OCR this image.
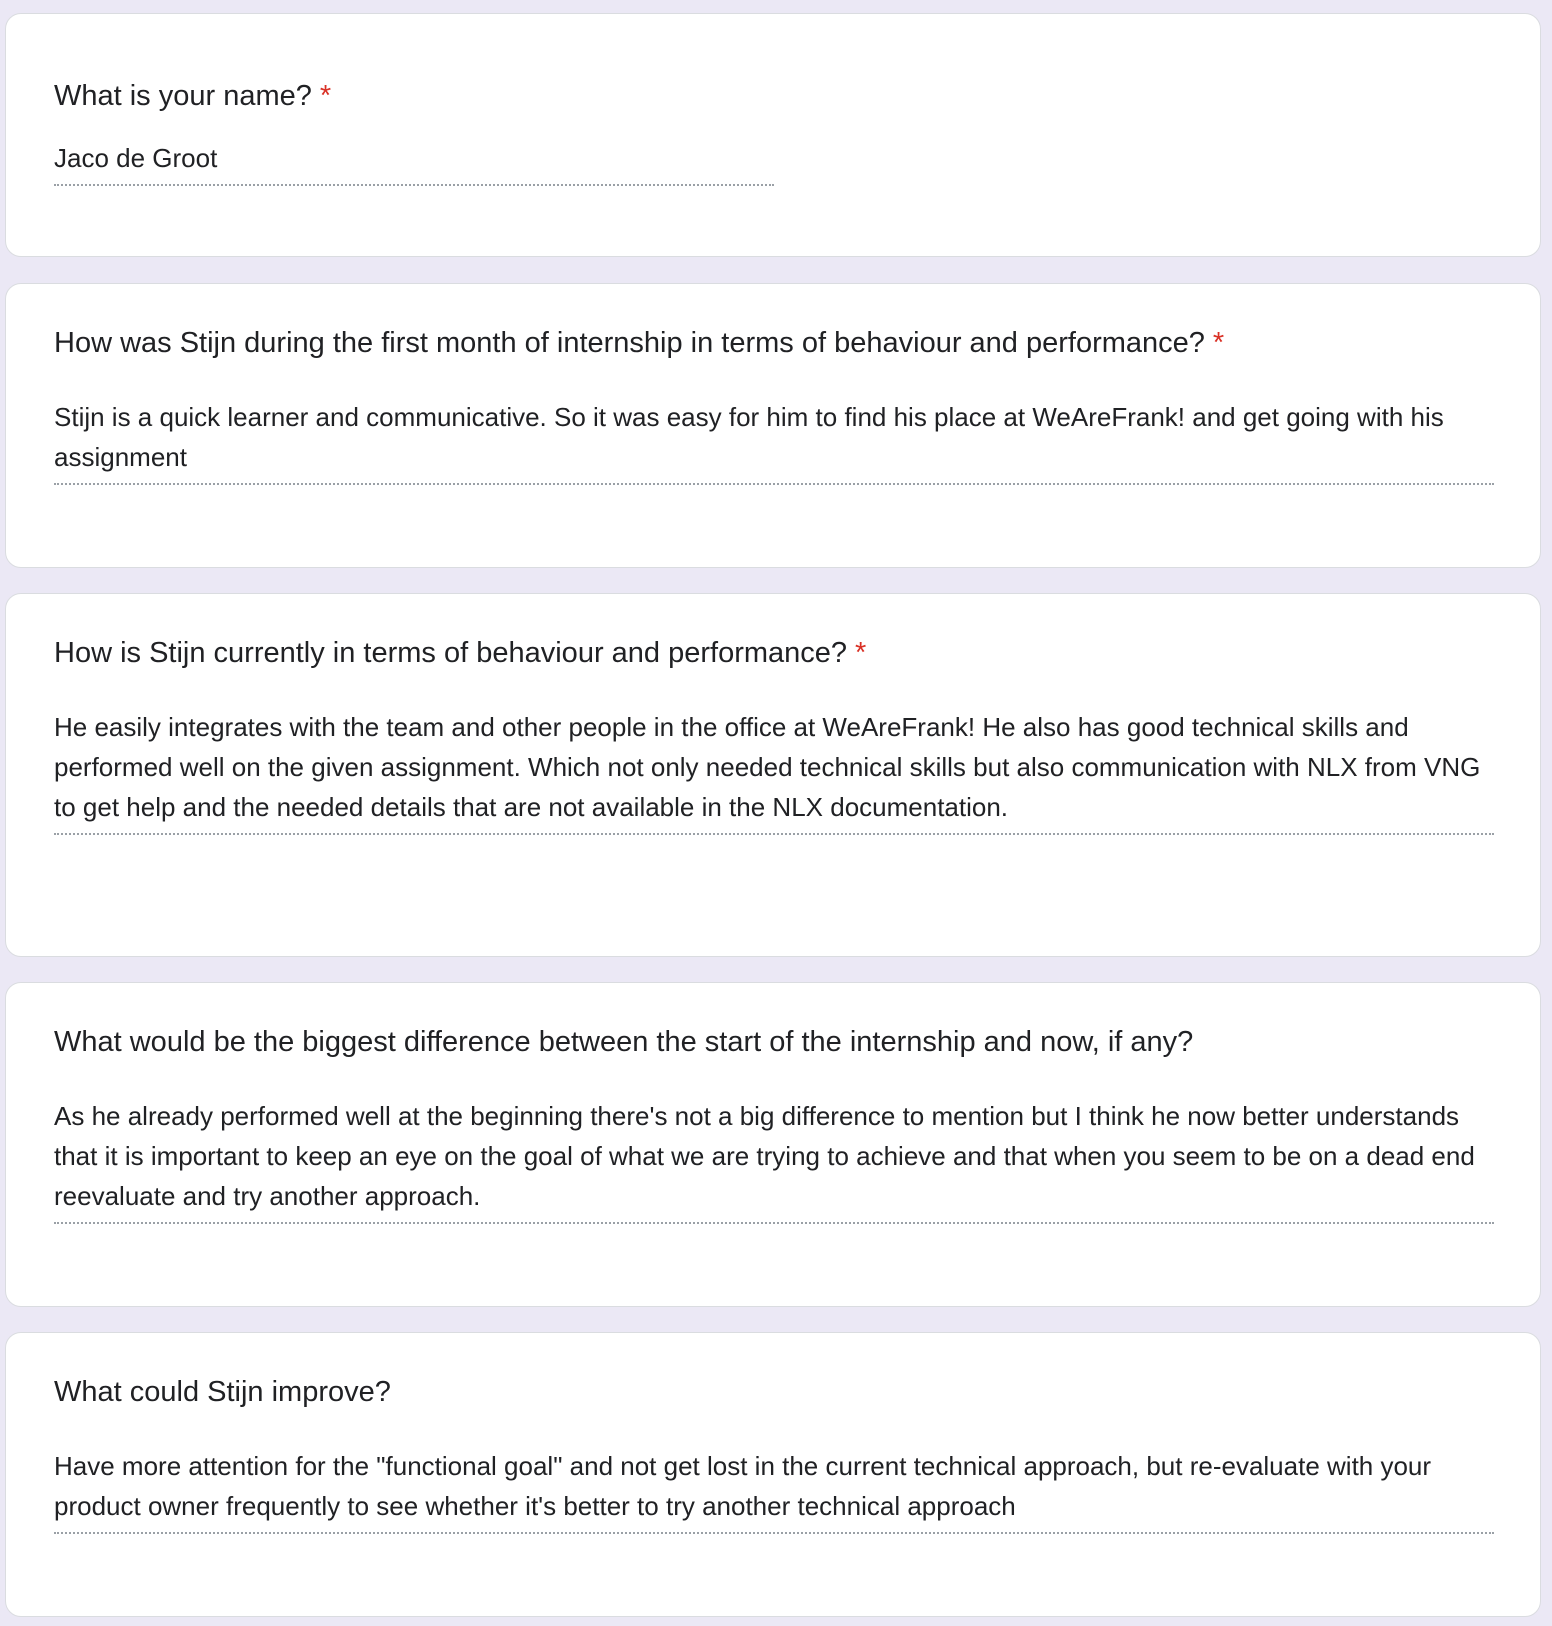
What is your name? *
Jaco de Groot
How was Stijn during the first month of internship in terms of behaviour and performance? *
Stijn is a quick learner and communicative. So it was easy for him to find his place at WeAreFrank! and get going with his assignment
How is Stijn currently in terms of behaviour and performance? *
He easily integrates with the team and other people in the office at WeAreFrank! He also has good technical skills and performed well on the given assignment. Which not only needed technical skills but also communication with NLX from VNG to get help and the needed details that are not available in the NLX documentation.
What would be the biggest difference between the start of the internship and now, if any?
As he already performed well at the beginning there's not a big difference to mention but I think he now better understands that it is important to keep an eye on the goal of what we are trying to achieve and that when you seem to be on a dead end reevaluate and try another approach.
What could Stijn improve?
Have more attention for the "functional goal" and not get lost in the current technical approach, but re-evaluate with your product owner frequently to see whether it's better to try another technical approach
